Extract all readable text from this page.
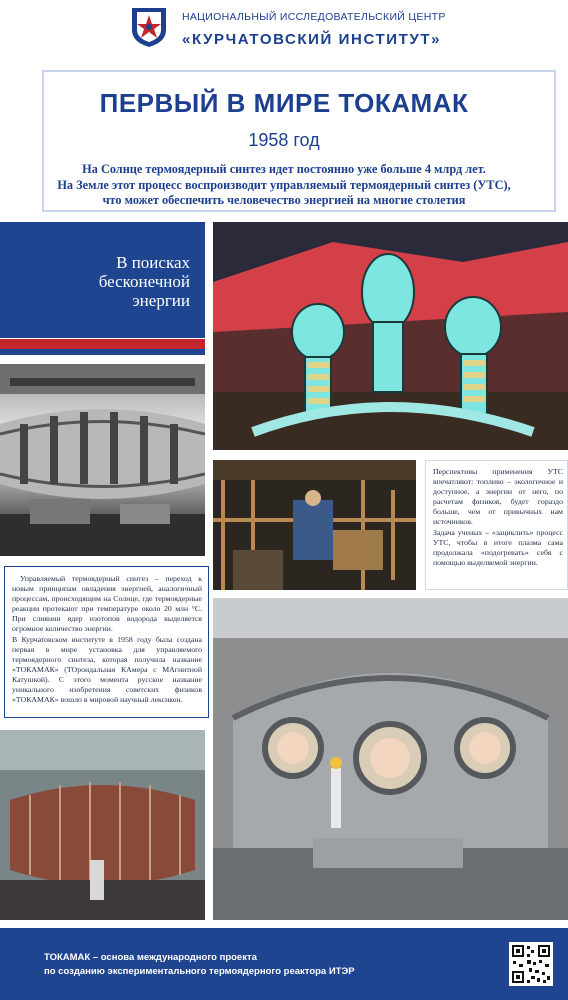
НАЦИОНАЛЬНЫЙ ИССЛЕДОВАТЕЛЬСКИЙ ЦЕНТР
«КУРЧАТОВСКИЙ ИНСТИТУТ»
ПЕРВЫЙ В МИРЕ ТОКАМАК
1958 год
На Солнце термоядерный синтез идет постоянно уже больше 4 млрд лет.
На Земле этот процесс воспроизводит управляемый термоядерный синтез (УТС),
что может обеспечить человечество энергией на многие столетия
В поисках
бесконечной
энергии
Перспективы применения УТС впечатляют: топливо – экологичное и доступное, а энергии от него, по расчетам физиков, будет гораздо больше, чем от привычных нам источников.
Задача ученых – «зациклить» процесс УТС, чтобы в итоге плазма сама продолжала «подогревать» себя с помощью выделяемой энергии.
Управляемый термоядерный синтез – переход к новым принципам овладения энергией, аналогичный процессам, происходящим на Солнце, где термоядерные реакции протекают при температуре около 20 млн °C. При слиянии ядер изотопов водорода выделяется огромное количество энергии.
В Курчатовском институте в 1958 году была создана первая в мире установка для управляемого термоядерного синтеза, которая получила название «ТОКАМАК» (ТОроидальная КАмера с МАгнитной Катушкой). С этого момента русское название уникального изобретения советских физиков «ТОКАМАК» вошло в мировой научный лексикон.
ТОКАМАК – основа международного проекта
по созданию экспериментального термоядерного реактора ИТЭР
